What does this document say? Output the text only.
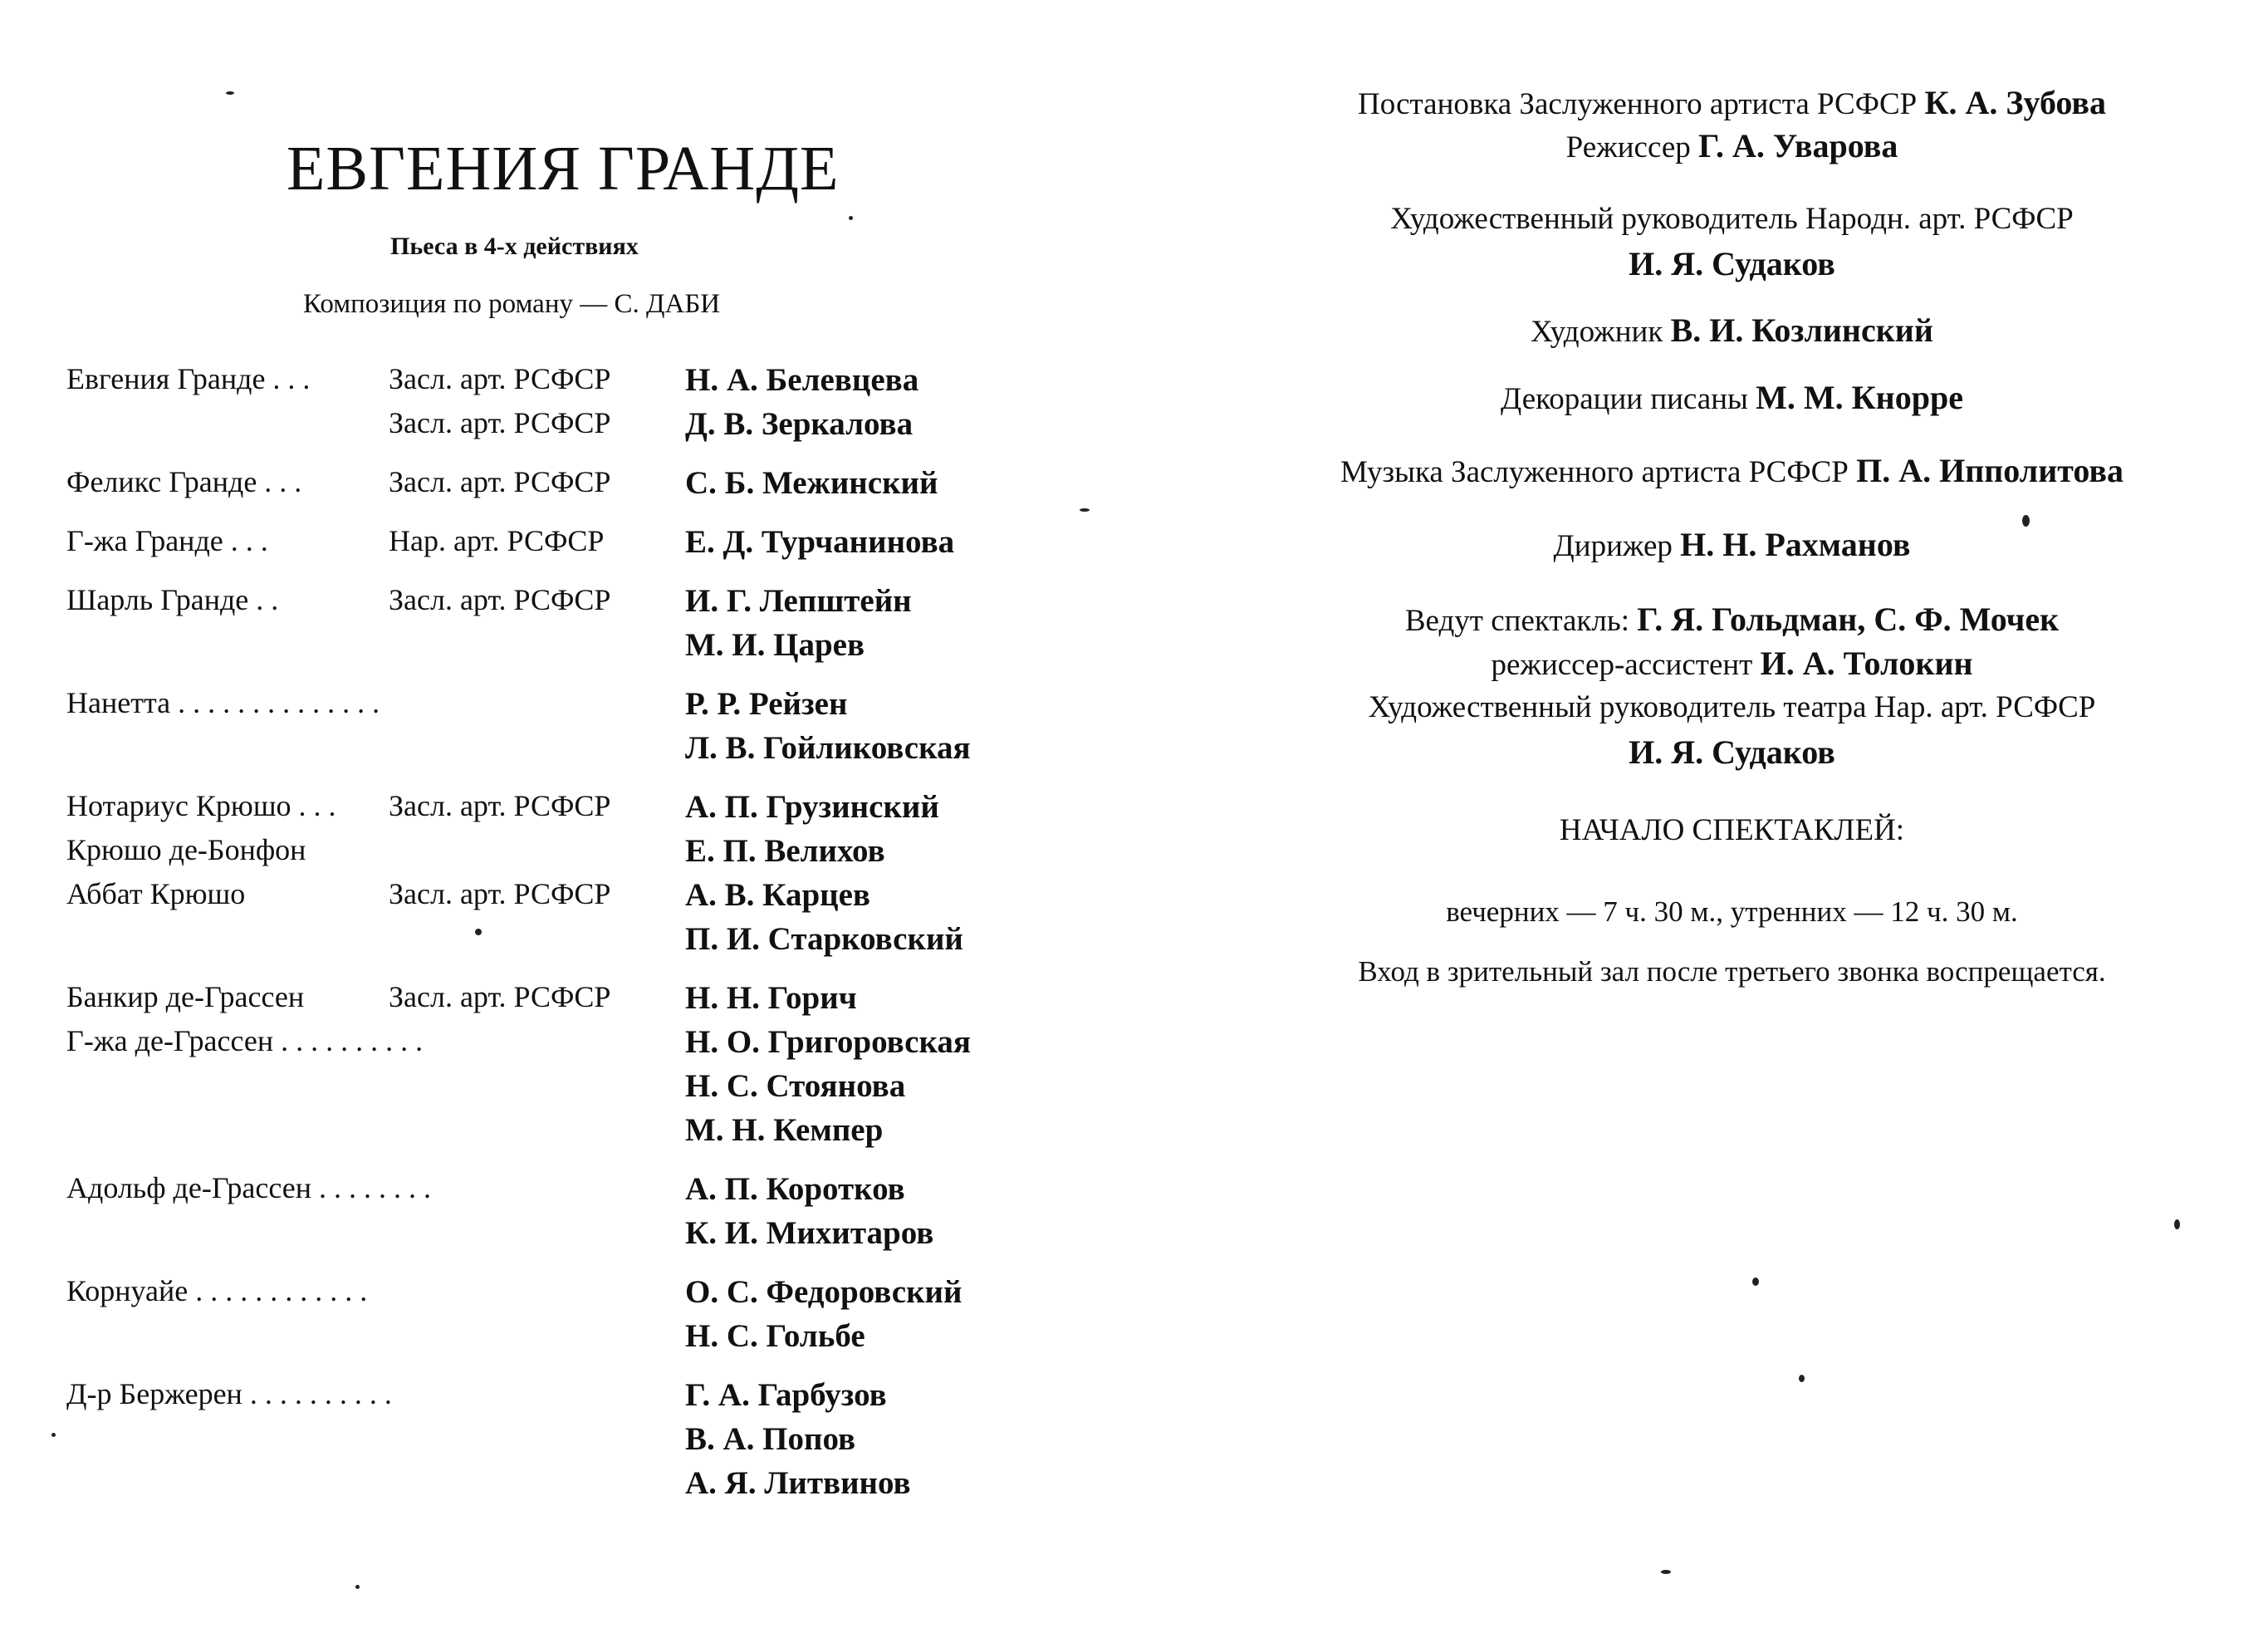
ЕВГЕНИЯ ГРАНДЕ
Пьеса в 4-х действиях
Композиция по роману — С. ДАБИ
Евгения Гранде . . .	Засл. арт. РСФСР Н. А. Белевцева
Засл. арт. РСФСР Д. В. Зеркалова
Феликс Гранде . . .	Засл. арт. РСФСР С. Б. Межинский
Г-жа Гранде . . .	Нар. арт. РСФСР	Е. Д. Турчанинова
Шарль Гранде . .	Засл. арт. РСФСР И. Г. Лепштейн
М. И. Царев
Нанетта . . . . . . . . . . . . . .	Р. Р. Рейзен
Л. В. Гойликовская
Нотариус Крюшо . . . Засл. арт. РСФСР А. П. Грузинский
Крюшо де-Бонфон	Е. П. Велихов
Аббат Крюшо	Засл. арт. РСФСР А. В. Карцев
П. И. Старковский
Банкир де-Грассен	Засл. арт. РСФСР Н. Н. Горич
Г-жа де-Грассен . . . . . . . . . .	Н. О. Григоровская
Н. С. Стоянова
М. Н. Кемпер
Адольф де-Грассен . . . . . . . .	А. П. Коротков
К. И. Михитаров
Корнуайе . . . . . . . . . . . .	О. С. Федоровский
Н. С. Гольбе
Д-р Бержерен . . . . . . . . . .	Г. А. Гарбузов
В. А. Попов
А. Я. Литвинов
Постановка Заслуженного артиста РСФСР К. А. Зубова
Режиссер Г. А. Уварова
Художественный руководитель Народн. арт. РСФСР
И. Я. Судаков
Художник В. И. Козлинский
Декорации писаны М. М. Кнорре
Музыка Заслуженного артиста РСФСР П. А. Ипполитова
Дирижер Н. Н. Рахманов
Ведут спектакль: Г. Я. Гольдман, С. Ф. Мочек
режиссер-ассистент И. А. Толокин
Художественный руководитель театра Нар. арт. РСФСР
И. Я. Судаков
НАЧАЛО СПЕКТАКЛЕЙ:
вечерних — 7 ч. 30 м., утренних — 12 ч. 30 м.
Вход в зрительный зал после третьего звонка воспрещается.
